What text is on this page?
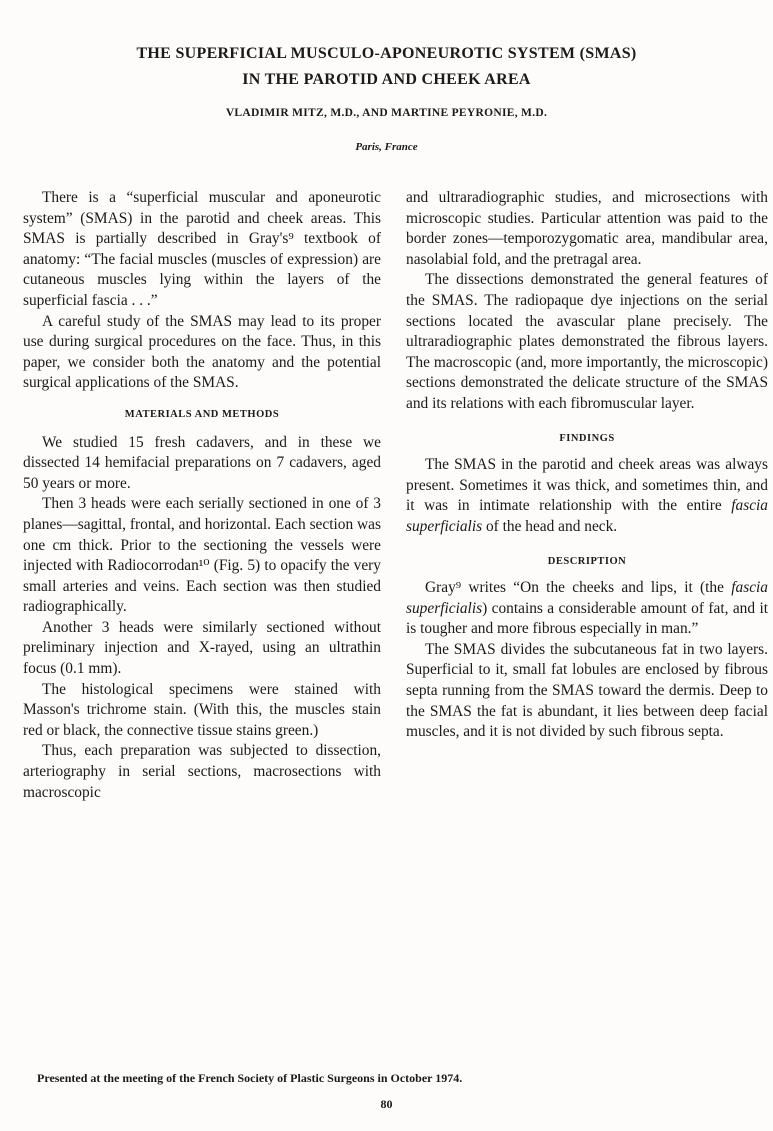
THE SUPERFICIAL MUSCULO-APONEUROTIC SYSTEM (SMAS)
IN THE PAROTID AND CHEEK AREA
VLADIMIR MITZ, M.D., AND MARTINE PEYRONIE, M.D.
Paris, France

There is a “superficial muscular and aponeurotic system” (SMAS) in the parotid and cheek areas. This SMAS is partially described in Gray's⁹ textbook of anatomy: “The facial muscles (muscles of expression) are cutaneous muscles lying within the layers of the superficial fascia . . .”

A careful study of the SMAS may lead to its proper use during surgical procedures on the face. Thus, in this paper, we consider both the anatomy and the potential surgical applications of the SMAS.

MATERIALS AND METHODS

We studied 15 fresh cadavers, and in these we dissected 14 hemifacial preparations on 7 cadavers, aged 50 years or more.

Then 3 heads were each serially sectioned in one of 3 planes—sagittal, frontal, and horizontal. Each section was one cm thick. Prior to the sectioning the vessels were injected with Radiocorrodan¹⁰ (Fig. 5) to opacify the very small arteries and veins. Each section was then studied radiographically.

Another 3 heads were similarly sectioned without preliminary injection and X-rayed, using an ultrathin focus (0.1 mm).

The histological specimens were stained with Masson's trichrome stain. (With this, the muscles stain red or black, the connective tissue stains green.)

Thus, each preparation was subjected to dissection, arteriography in serial sections, macrosections with macroscopic

and ultraradiographic studies, and microsections with microscopic studies. Particular attention was paid to the border zones—temporozygomatic area, mandibular area, nasolabial fold, and the pretragal area.

The dissections demonstrated the general features of the SMAS. The radiopaque dye injections on the serial sections located the avascular plane precisely. The ultraradiographic plates demonstrated the fibrous layers. The macroscopic (and, more importantly, the microscopic) sections demonstrated the delicate structure of the SMAS and its relations with each fibromuscular layer.

FINDINGS

The SMAS in the parotid and cheek areas was always present. Sometimes it was thick, and sometimes thin, and it was in intimate relationship with the entire fascia superficialis of the head and neck.

DESCRIPTION

Gray⁹ writes “On the cheeks and lips, it (the fascia superficialis) contains a considerable amount of fat, and it is tougher and more fibrous especially in man.”

The SMAS divides the subcutaneous fat in two layers. Superficial to it, small fat lobules are enclosed by fibrous septa running from the SMAS toward the dermis. Deep to the SMAS the fat is abundant, it lies between deep facial muscles, and it is not divided by such fibrous septa.

Presented at the meeting of the French Society of Plastic Surgeons in October 1974.
80
